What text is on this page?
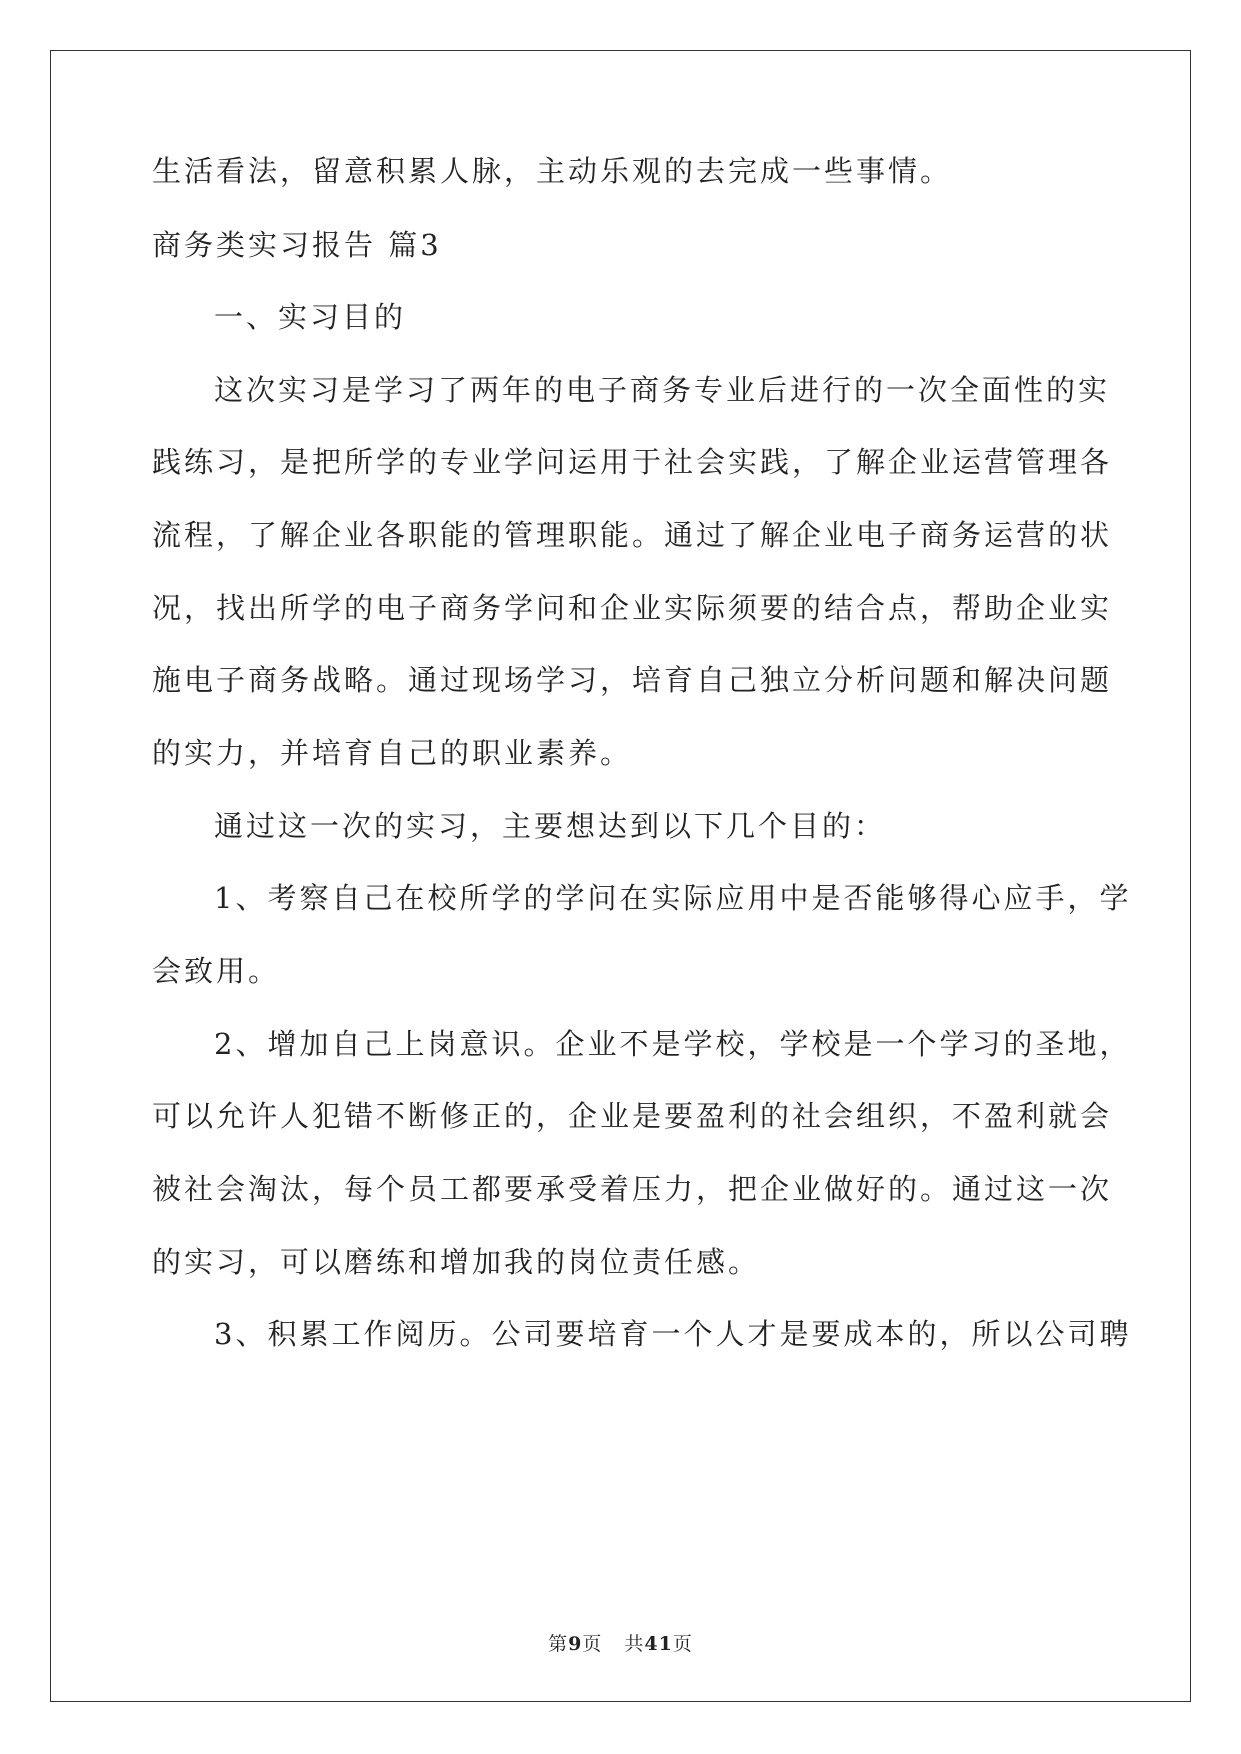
生活看法，留意积累人脉，主动乐观的去完成一些事情。
商务类实习报告 篇3
一、实习目的
这次实习是学习了两年的电子商务专业后进行的一次全面性的实
践练习，是把所学的专业学问运用于社会实践，了解企业运营管理各
流程，了解企业各职能的管理职能。通过了解企业电子商务运营的状
况，找出所学的电子商务学问和企业实际须要的结合点，帮助企业实
施电子商务战略。通过现场学习，培育自己独立分析问题和解决问题
的实力，并培育自己的职业素养。
通过这一次的实习，主要想达到以下几个目的：
1、考察自己在校所学的学问在实际应用中是否能够得心应手，学
会致用。
2、增加自己上岗意识。企业不是学校，学校是一个学习的圣地，
可以允许人犯错不断修正的，企业是要盈利的社会组织，不盈利就会
被社会淘汰，每个员工都要承受着压力，把企业做好的。通过这一次
的实习，可以磨练和增加我的岗位责任感。
3、积累工作阅历。公司要培育一个人才是要成本的，所以公司聘
第9页 共41页
